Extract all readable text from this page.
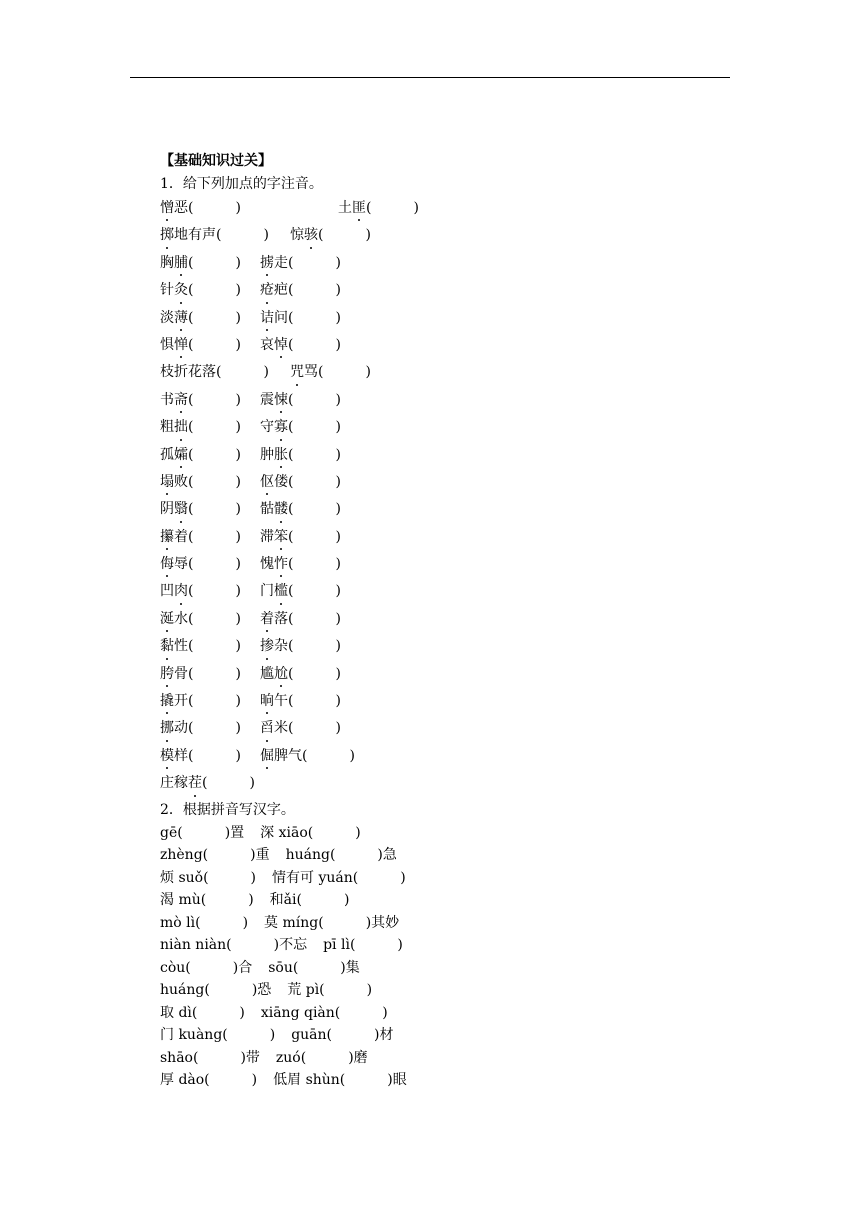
【基础知识过关】
1．给下列加点的字注音。
憎恶(　　　)	土匪(　　　)
掷地有声(　　　) 惊骇(　　　)
胸脯(　　　) 掳走(　　　)
针灸(　　　) 疮疤(　　　)
淡薄(　　　) 诘问(　　　)
惧惮(　　　) 哀悼(　　　)
枝折花落(　　　) 咒骂(　　　)
书斋(　　　) 震悚(　　　)
粗拙(　　　) 守寡(　　　)
孤孀(　　　) 肿胀(　　　)
塌败(　　　) 伛偻(　　　)
阴翳(　　　) 骷髅(　　　)
攥着(　　　) 滞笨(　　　)
侮辱(　　　) 愧怍(　　　)
凹肉(　　　) 门槛(　　　)
涎水(　　　) 着落(　　　)
黏性(　　　) 掺杂(　　　)
胯骨(　　　) 尴尬(　　　)
撬开(　　　) 晌午(　　　)
挪动(　　　) 舀米(　　　)
模样(　　　) 倔脾气(　　　)
庄稼茬(　　　)
2．根据拼音写汉字。
gē(　　　)置 深 xiāo(　　　)
zhèng(　　　)重 huáng(　　　)急
烦 suǒ(　　　) 情有可 yuán(　　　)
渴 mù(　　　) 和ǎi(　　　)
mò lì(　　　) 莫 míng(　　　)其妙
niàn niàn(　　　)不忘 pī lì(　　　)
còu(　　　)合 sōu(　　　)集
huáng(　　　)恐 荒 pì(　　　)
取 dì(　　　) xiāng qiàn(　　　)
门 kuàng(　　　) guān(　　　)材
shāo(　　　)带 zuó(　　　)磨
厚 dào(　　　) 低眉 shùn(　　　)眼
